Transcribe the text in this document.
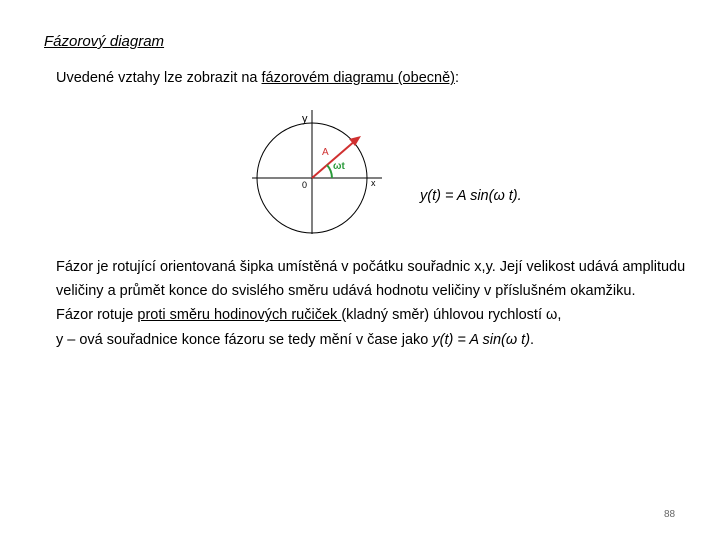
Fázorový diagram
Uvedené vztahy lze zobrazit na fázorovém diagramu (obecně):
y
x
0
A
ωt
y(t) = A sin(ω t).
Fázor je rotující orientovaná šipka umístěná v počátku souřadnic x,y. Její velikost udává amplitudu veličiny a průmět konce do svislého směru udává hodnotu veličiny v příslušném okamžiku.
Fázor rotuje proti směru hodinových ručiček (kladný směr) úhlovou rychlostí ω,
y – ová souřadnice konce fázoru se tedy mění v čase jako y(t) = A sin(ω t).
88
